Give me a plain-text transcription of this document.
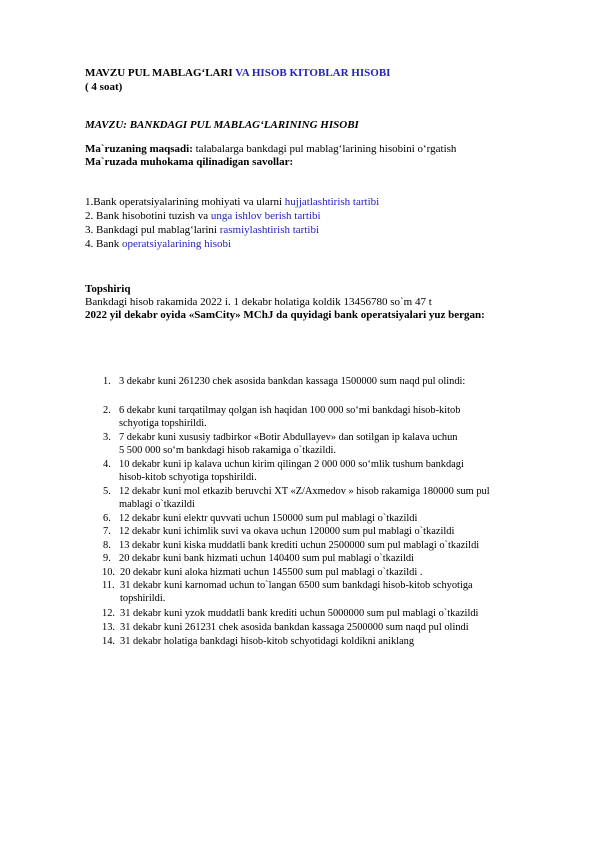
MAVZU PUL MABLAG‘LARI VA HISOB KITOBLAR HISOBI
( 4 soat)
MAVZU: BANKDAGI PUL MABLAG‘LARINING HISOBI
Ma`ruzaning maqsadi: talabalarga bankdagi pul mablag‘larining hisobini o‘rgatish
Ma`ruzada muhokama qilinadigan savollar:
1.Bank operatsiyalarining mohiyati va ularni hujjatlashtirish tartibi
2. Bank hisobotini tuzish va unga ishlov berish tartibi
3. Bankdagi pul mablag‘larini rasmiylashtirish tartibi
4. Bank operatsiyalarining hisobi
Topshiriq
Bankdagi hisob rakamida 2022 i. 1 dekabr holatiga koldik 13456780 so`m 47 t
2022 yil dekabr oyida «SamCity» MChJ da quyidagi bank operatsiyalari yuz bergan:
1. 3 dekabr kuni 261230 chek asosida bankdan kassaga 1500000 sum naqd pul olindi:
2. 6 dekabr kuni tarqatilmay qolgan ish haqidan 100 000 so‘mi bankdagi hisob-kitob
schyotiga topshirildi.
3. 7 dekabr kuni xususiy tadbirkor «Botir Abdullayev» dan sotilgan ip kalava uchun
5 500 000 so‘m bankdagi hisob rakamiga o`tkazildi.
4. 10 dekabr kuni ip kalava uchun kirim qilingan 2 000 000 so‘mlik tushum bankdagi
hisob-kitob schyotiga topshirildi.
5. 12 dekabr kuni mol etkazib beruvchi XT «Z/Axmedov » hisob rakamiga 180000 sum pul
mablagi o`tkazildi
6. 12 dekabr kuni elektr quvvati uchun 150000 sum pul mablagi o`tkazildi
7. 12 dekabr kuni ichimlik suvi va okava uchun 120000 sum pul mablagi o`tkazildi
8. 13 dekabr kuni kiska muddatli bank krediti uchun 2500000 sum pul mablagi o`tkazildi
9. 20 dekabr kuni bank hizmati uchun 140400 sum pul mablagi o`tkazildi
10. 20 dekabr kuni aloka hizmati uchun 145500 sum pul mablagi o`tkazildi .
11. 31 dekabr kuni karnomad uchun to`langan 6500 sum bankdagi hisob-kitob schyotiga
topshirildi.
12. 31 dekabr kuni yzok muddatli bank krediti uchun 5000000 sum pul mablagi o`tkazildi
13. 31 dekabr kuni 261231 chek asosida bankdan kassaga 2500000 sum naqd pul olindi
14. 31 dekabr holatiga bankdagi hisob-kitob schyotidagi koldikni aniklang
